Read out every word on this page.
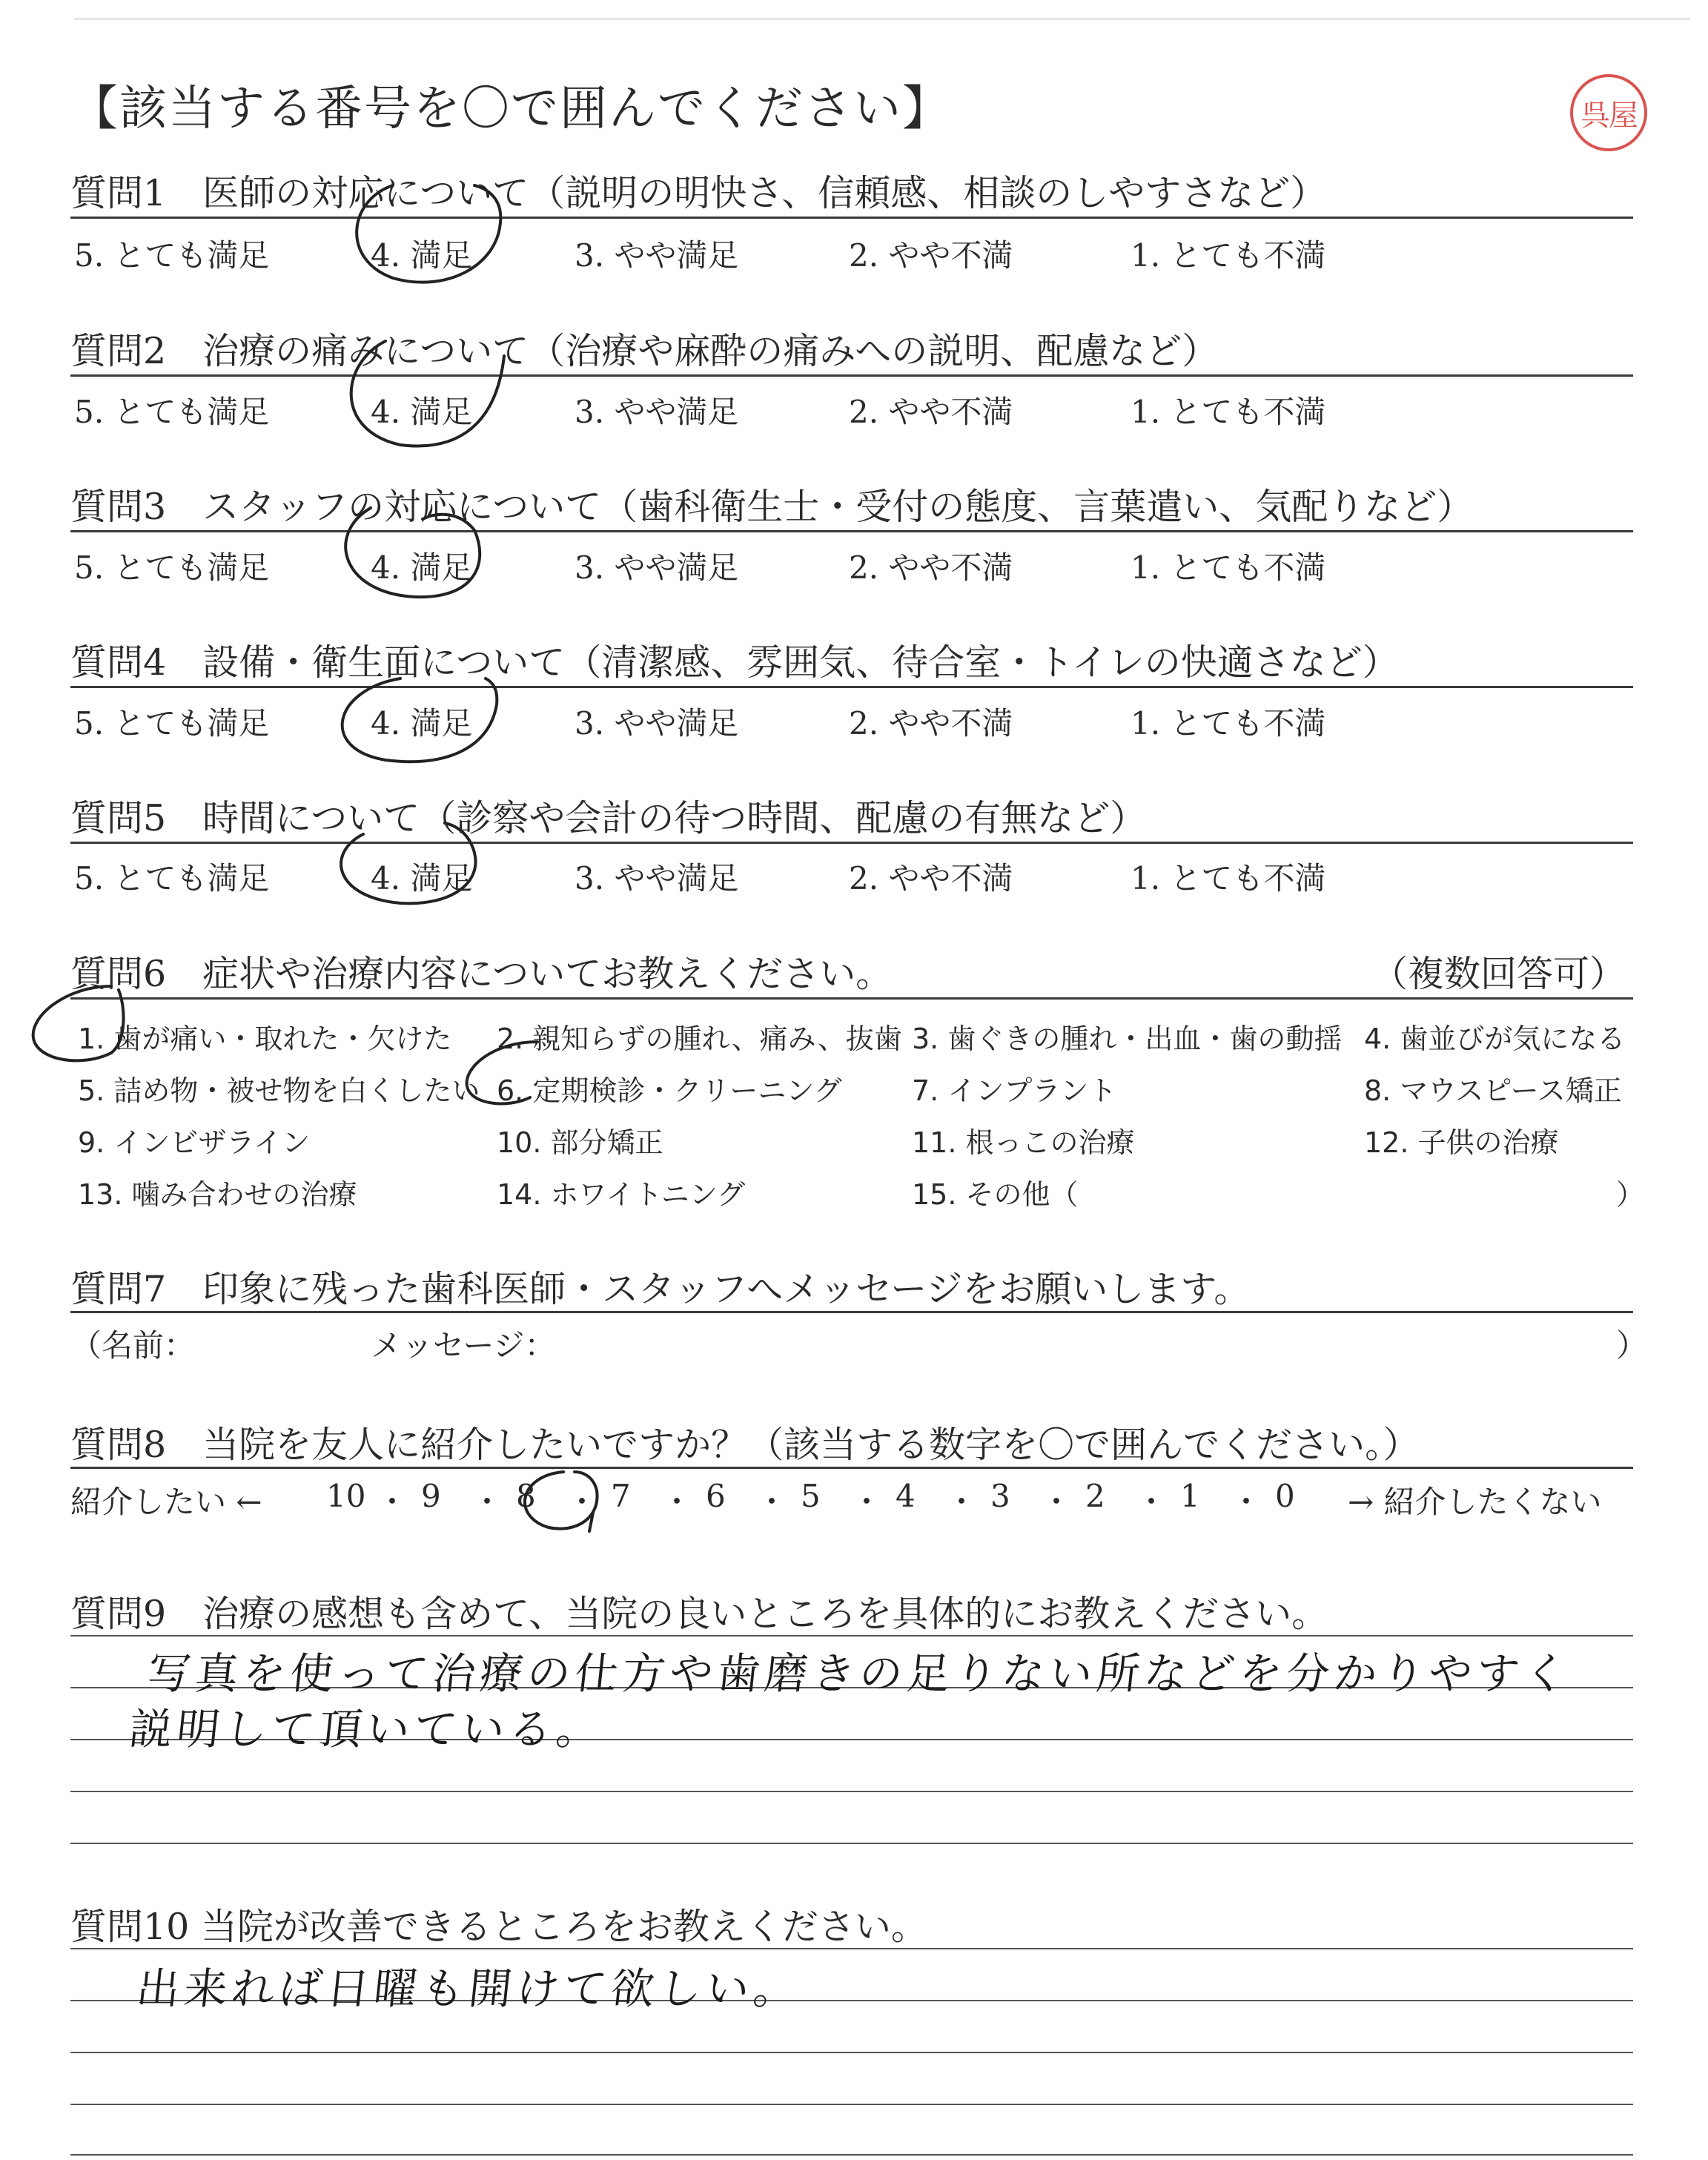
【該当する番号を〇で囲んでください】	呉屋
質問1　医師の対応について（説明の明快さ、信頼感、相談のしやすさなど）
5. とても満足	4. 満足	3. やや満足	2. やや不満	1. とても不満
質問2　治療の痛みについて（治療や麻酔の痛みへの説明、配慮など）
5. とても満足	4. 満足	3. やや満足	2. やや不満	1. とても不満
質問3　スタッフの対応について（歯科衛生士・受付の態度、言葉遣い、気配りなど）
5. とても満足	4. 満足	3. やや満足	2. やや不満	1. とても不満
質問4　設備・衛生面について（清潔感、雰囲気、待合室・トイレの快適さなど）
5. とても満足	4. 満足	3. やや満足	2. やや不満	1. とても不満
質問5　時間について（診察や会計の待つ時間、配慮の有無など）
5. とても満足	4. 満足	3. やや満足	2. やや不満	1. とても不満
質問6　症状や治療内容についてお教えください。	（複数回答可）
1. 歯が痛い・取れた・欠けた 2. 親知らずの腫れ、痛み、抜歯 3. 歯ぐきの腫れ・出血・歯の動揺 4. 歯並びが気になる
5. 詰め物・被せ物を白くしたい 6. 定期検診・クリーニング 7. インプラント	8. マウスピース矯正
9. インビザライン	10. 部分矯正	11. 根っこの治療	12. 子供の治療
13. 噛み合わせの治療	14. ホワイトニング	15. その他（	）
質問7　印象に残った歯科医師・スタッフへメッセージをお願いします。
（名前：	メッセージ：	）
質問8　当院を友人に紹介したいですか？（該当する数字を〇で囲んでください。）
紹介したい ←	→ 紹介したくない
10 ・ 9 ・ 8 ・ 7 ・ 6 ・ 5 ・ 4 ・ 3 ・ 2 ・ 1 ・ 0
質問9　治療の感想も含めて、当院の良いところを具体的にお教えください。
写真を使って治療の仕方や歯磨きの足りない所などを分かりやすく
説明して頂いている。
質問10 当院が改善できるところをお教えください。
出来れば日曜も開けて欲しい。
